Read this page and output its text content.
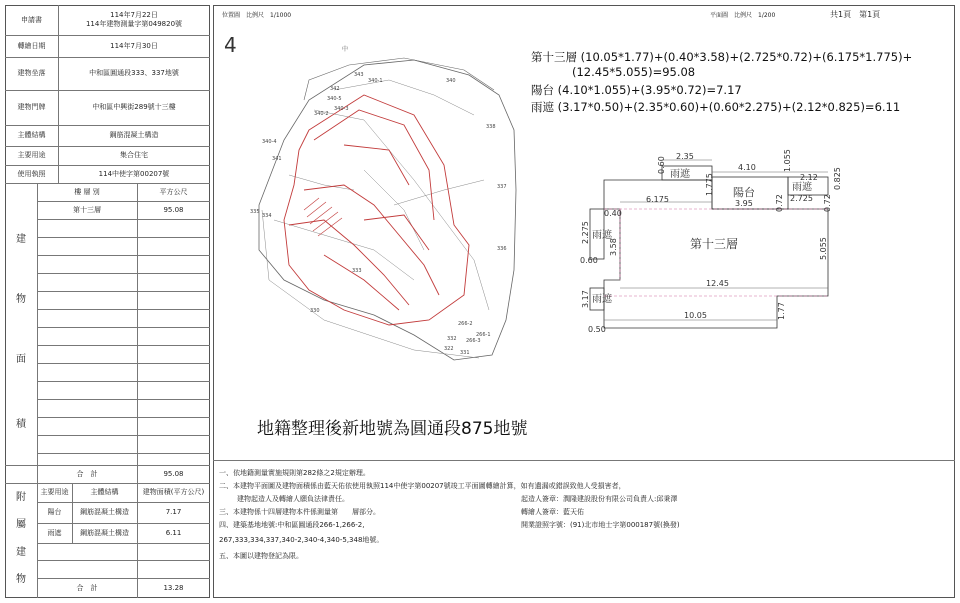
申請書
114年7月22日
114年建物測量字第049820號
轉繪日期	114年7月30日
建物坐落	中和區圓通段333、337地號
建物門牌	中和區中興街289號十三樓
主體結構	鋼筋混凝土構造
主要用途	集合住宅
使用執照	114中使字第00207號
樓 層 別	平方公尺
第十三層	95.08
建
物
面
積
合　計	95.08
主要用途	主體結構	建物面積(平方公尺)
陽台	鋼筋混凝土構造	7.17
雨遮	鋼筋混凝土構造	6.11
合　計	13.28
附
屬
建
物
位置圖　比例尺　1/1000	平面圖　比例尺　1/200	共1頁　第1頁
4	中
341
342
343
340-5
340
340-3
340-1
340-2
338
340-4
337
336
335
334
333
330
266-2
266-3
266-1
322
332
331
第十三層 (10.05*1.77)+(0.40*3.58)+(2.725*0.72)+(6.175*1.775)+
(12.45*5.055)=95.08
陽台 (4.10*1.055)+(3.95*0.72)=7.17
雨遮 (3.17*0.50)+(2.35*0.60)+(0.60*2.275)+(2.12*0.825)=6.11
第十三層
陽台
雨遮
雨遮
雨遮
雨遮
0.60 2.35
4.10	1.055
2.12 0.825
6.175
1.775
3.95	0.72 2.725 0.72
0.40
2.275
3.58
0.60
5.055
3.17
12.45
10.05	1.77
0.50
地籍整理後新地號為圓通段875地號
一、依地籍測量實施規則第282條之2規定辦理。
二、本建物平面圖及建物面積係由藍天佑依使用執照114中使字第00207號竣工平面圖轉繪計算，如有遺漏或錯誤致他人受損害者，
建物起造人及轉繪人願負法律責任。
三、本建物係十四層建物本件係測量第　　層部分。
四、建築基地地號:中和區圓通段266-1,266-2,
267,333,334,337,340-2,340-4,340-5,348地號。
五、本圖以建物登記為限。
起造人簽章：潤隆建設股份有限公司負責人:邱秉澤
轉繪人簽章：藍天佑
開業證照字號：(91)北市地士字第000187號(換發)
